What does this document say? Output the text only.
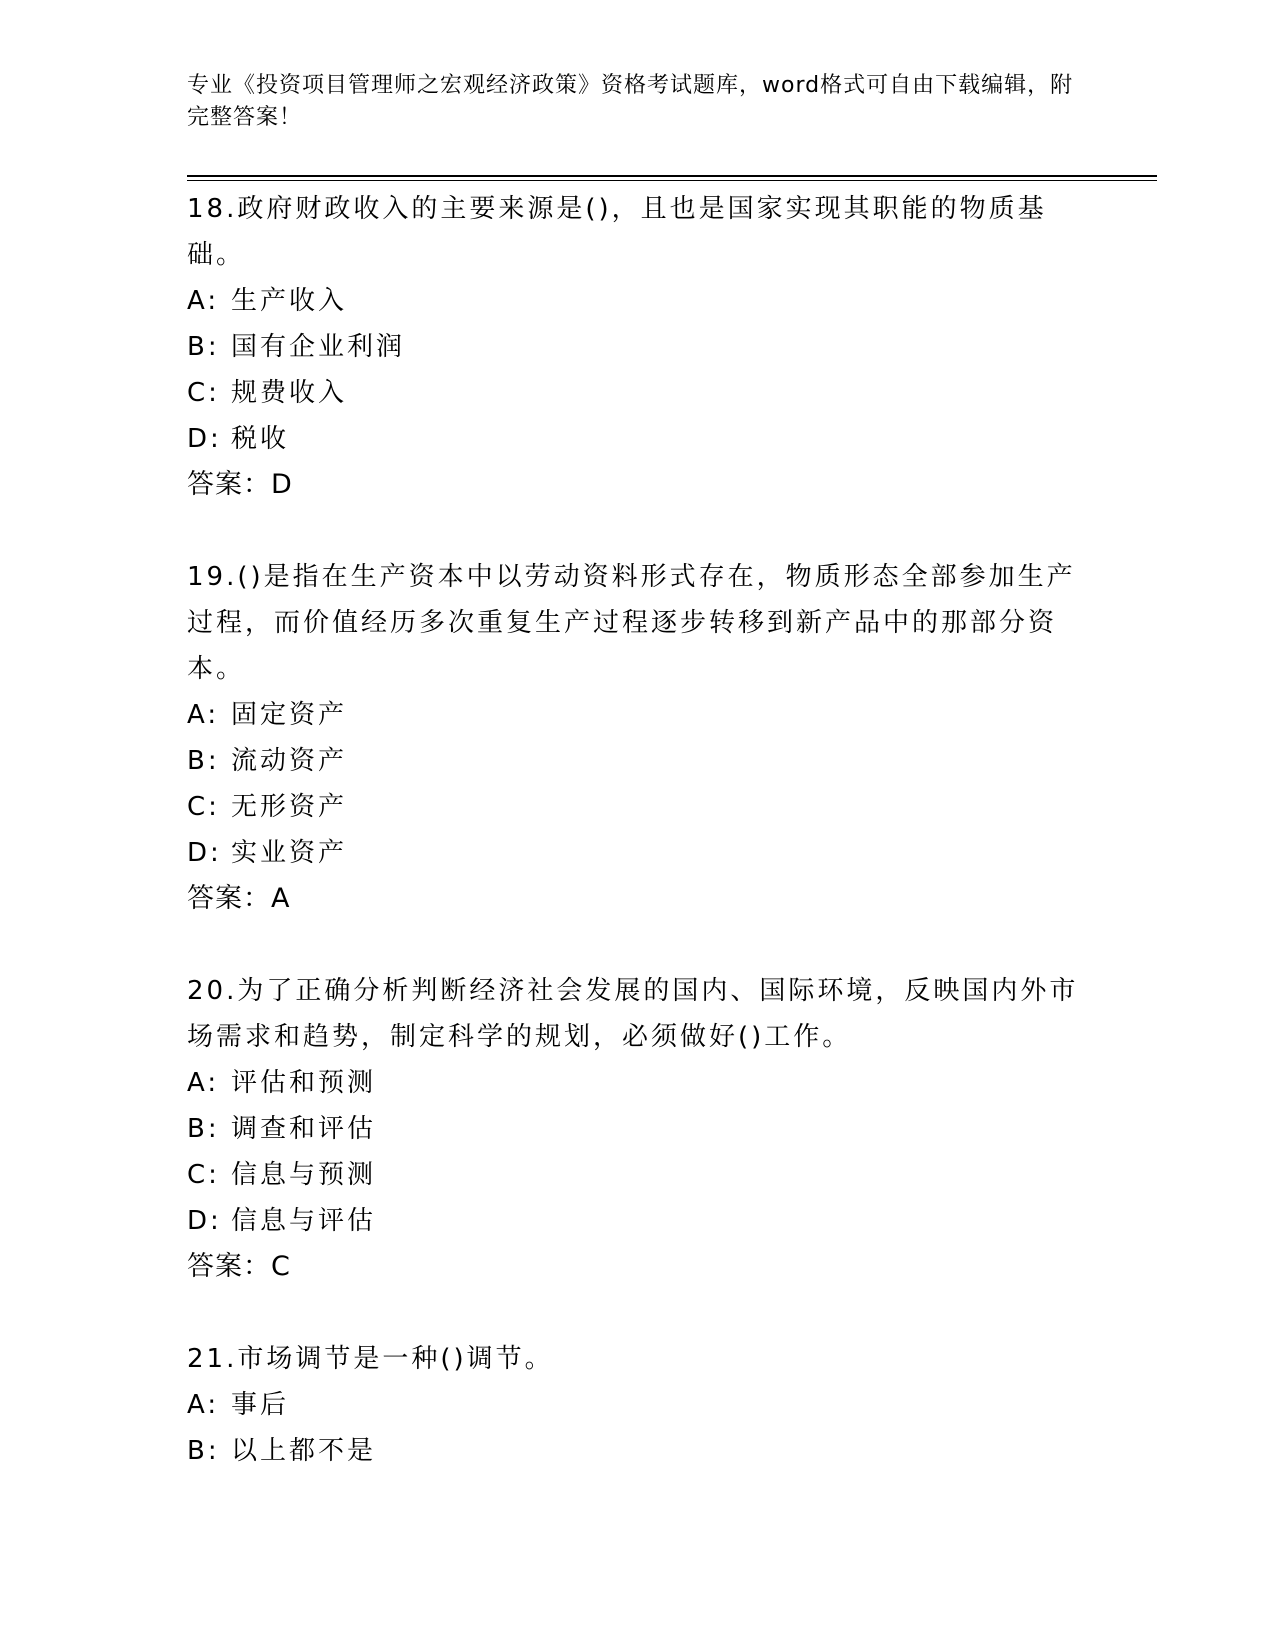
专业《投资项目管理师之宏观经济政策》资格考试题库，word格式可自由下载编辑，附完整答案！

18.政府财政收入的主要来源是()，且也是国家实现其职能的物质基础。

A: 生产收入

B: 国有企业利润

C: 规费收入

D: 税收

答案：D

19.()是指在生产资本中以劳动资料形式存在，物质形态全部参加生产过程，而价值经历多次重复生产过程逐步转移到新产品中的那部分资本。

A: 固定资产

B: 流动资产

C: 无形资产

D: 实业资产

答案：A

20.为了正确分析判断经济社会发展的国内、国际环境，反映国内外市场需求和趋势，制定科学的规划，必须做好()工作。

A: 评估和预测

B: 调查和评估

C: 信息与预测

D: 信息与评估

答案：C

21.市场调节是一种()调节。

A: 事后

B: 以上都不是
